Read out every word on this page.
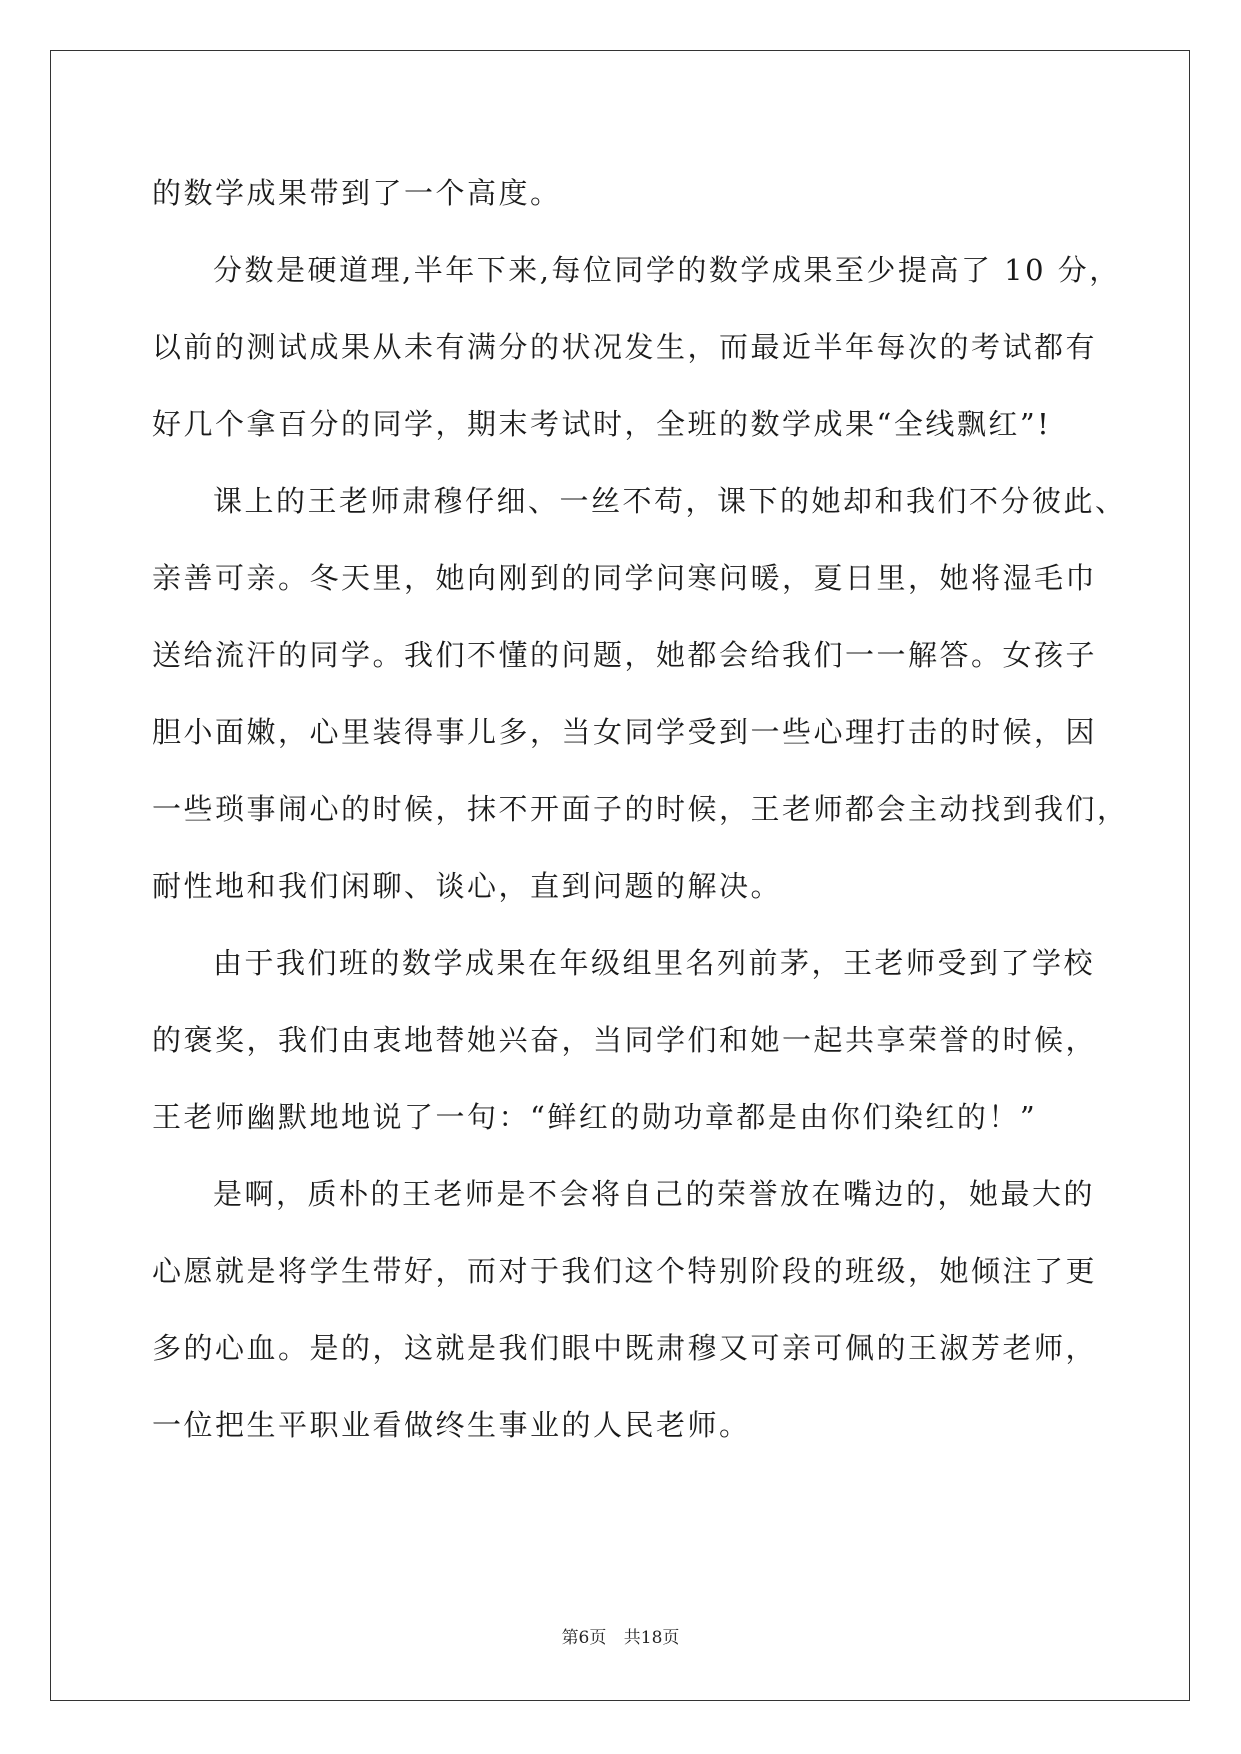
的数学成果带到了一个高度。
分数是硬道理,半年下来,每位同学的数学成果至少提高了 10 分，
以前的测试成果从未有满分的状况发生，而最近半年每次的考试都有
好几个拿百分的同学，期末考试时，全班的数学成果“全线飘红”!
课上的王老师肃穆仔细、一丝不苟，课下的她却和我们不分彼此、
亲善可亲。冬天里，她向刚到的同学问寒问暖，夏日里，她将湿毛巾
送给流汗的同学。我们不懂的问题，她都会给我们一一解答。女孩子
胆小面嫩，心里装得事儿多，当女同学受到一些心理打击的时候，因
一些琐事闹心的时候，抹不开面子的时候，王老师都会主动找到我们，
耐性地和我们闲聊、谈心，直到问题的解决。
由于我们班的数学成果在年级组里名列前茅，王老师受到了学校
的褒奖，我们由衷地替她兴奋，当同学们和她一起共享荣誉的时候，
王老师幽默地地说了一句：“鲜红的勋功章都是由你们染红的！”
是啊，质朴的王老师是不会将自己的荣誉放在嘴边的，她最大的
心愿就是将学生带好，而对于我们这个特别阶段的班级，她倾注了更
多的心血。是的，这就是我们眼中既肃穆又可亲可佩的王淑芳老师，
一位把生平职业看做终生事业的人民老师。
第6页 共18页
